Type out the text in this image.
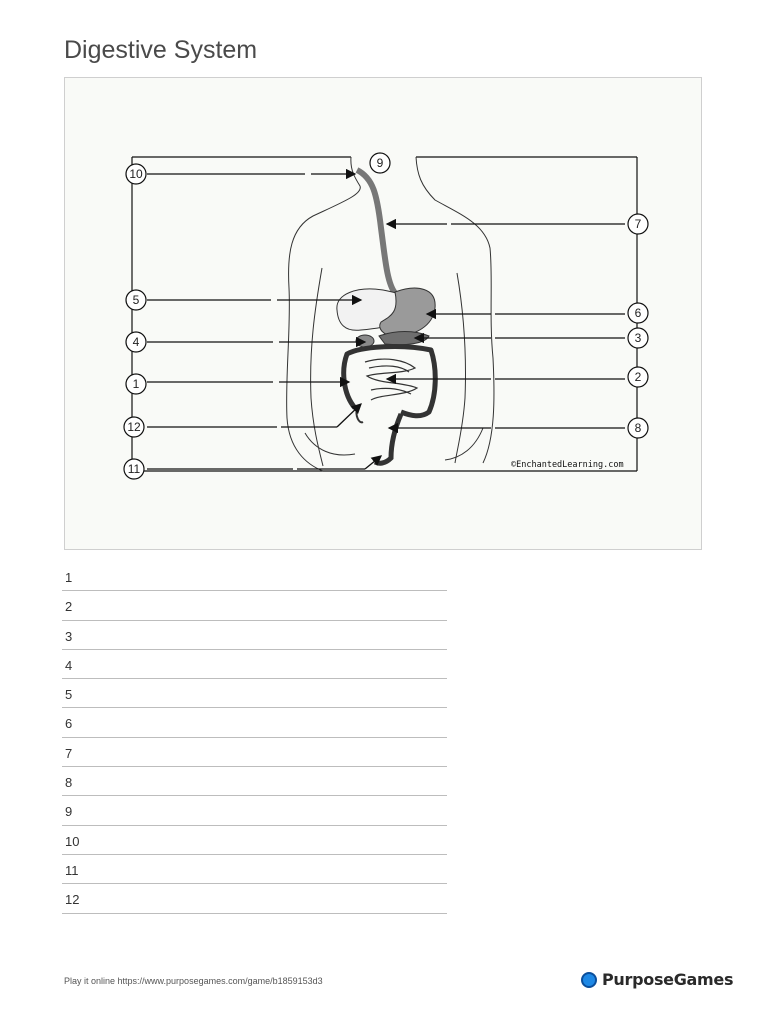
Digestive System
10
9
7
5
6
4	3
1	2
12	8
11	©EnchantedLearning.com
1
2
3
4
5
6
7
8
9
10
11
12
Play it online https://www.purposegames.com/game/b1859153d3	PurposeGames
